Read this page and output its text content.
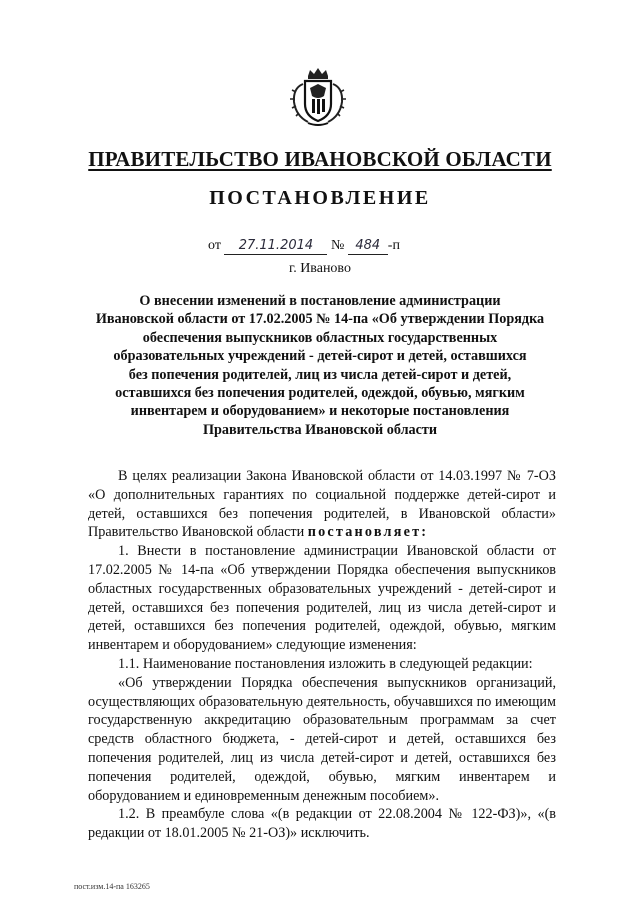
ПРАВИТЕЛЬСТВО ИВАНОВСКОЙ ОБЛАСТИ
ПОСТАНОВЛЕНИЕ
от 27.11.2014 № 484 -п
г. Иваново
О внесении изменений в постановление администрации
Ивановской области от 17.02.2005 № 14-па «Об утверждении Порядка
обеспечения выпускников областных государственных
образовательных учреждений - детей-сирот и детей, оставшихся
без попечения родителей, лиц из числа детей-сирот и детей,
оставшихся без попечения родителей, одеждой, обувью, мягким
инвентарем и оборудованием» и некоторые постановления
Правительства Ивановской области

В целях реализации Закона Ивановской области от 14.03.1997 № 7-ОЗ «О дополнительных гарантиях по социальной поддержке детей-сирот и детей, оставшихся без попечения родителей, в Ивановской области» Правительство Ивановской области постановляет:

1. Внести в постановление администрации Ивановской области от 17.02.2005 № 14-па «Об утверждении Порядка обеспечения выпускников областных государственных образовательных учреждений - детей-сирот и детей, оставшихся без попечения родителей, лиц из числа детей-сирот и детей, оставшихся без попечения родителей, одеждой, обувью, мягким инвентарем и оборудованием» следующие изменения:

1.1. Наименование постановления изложить в следующей редакции:

«Об утверждении Порядка обеспечения выпускников организаций, осуществляющих образовательную деятельность, обучавшихся по имеющим государственную аккредитацию образовательным программам за счет средств областного бюджета, - детей-сирот и детей, оставшихся без попечения родителей, лиц из числа детей-сирот и детей, оставшихся без попечения родителей, одеждой, обувью, мягким инвентарем и оборудованием и единовременным денежным пособием».

1.2. В преамбуле слова «(в редакции от 22.08.2004 № 122-ФЗ)», «(в редакции от 18.01.2005 № 21-ОЗ)» исключить.

пост.изм.14-па 163265
